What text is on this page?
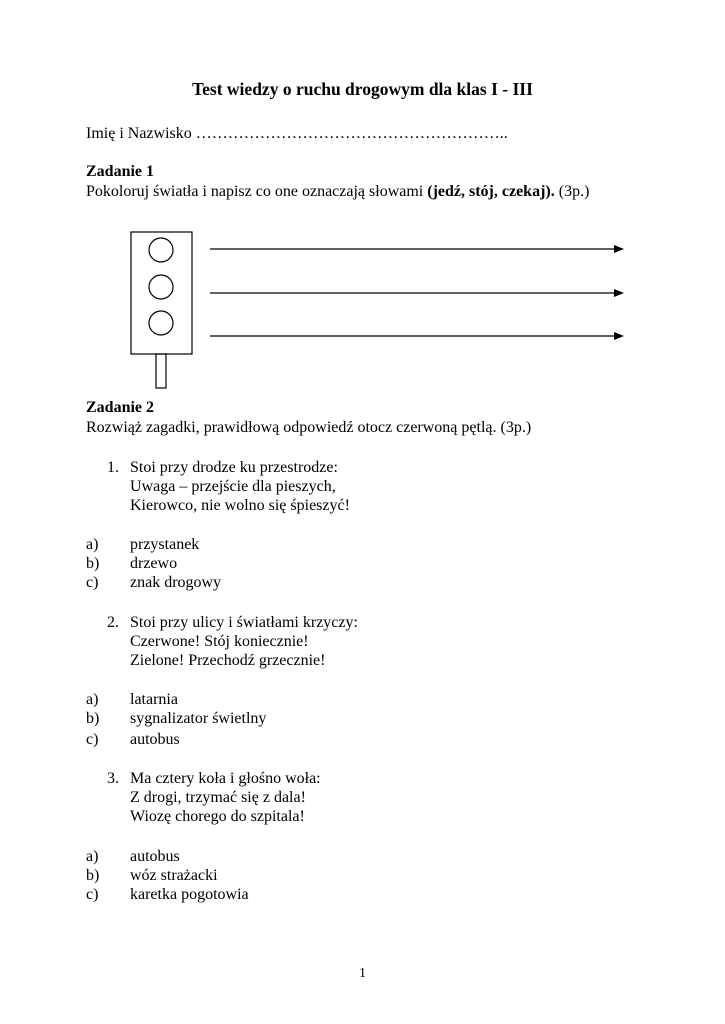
Test wiedzy o ruchu drogowym dla klas I - III
Imię i Nazwisko …………………………………………………..
Zadanie 1
Pokoloruj światła i napisz co one oznaczają słowami (jedź, stój, czekaj). (3p.)
Zadanie 2
Rozwiąż zagadki, prawidłową odpowiedź otocz czerwoną pętlą. (3p.)
1. Stoi przy drodze ku przestrodze:
Uwaga – przejście dla pieszych,
Kierowco, nie wolno się śpieszyć!
a) przystanek
b) drzewo
c) znak drogowy
2. Stoi przy ulicy i światłami krzyczy:
Czerwone! Stój koniecznie!
Zielone! Przechodź grzecznie!
a) latarnia
b) sygnalizator świetlny
c) autobus
3. Ma cztery koła i głośno woła:
Z drogi, trzymać się z dala!
Wiozę chorego do szpitala!
a) autobus
b) wóz strażacki
c) karetka pogotowia
1
